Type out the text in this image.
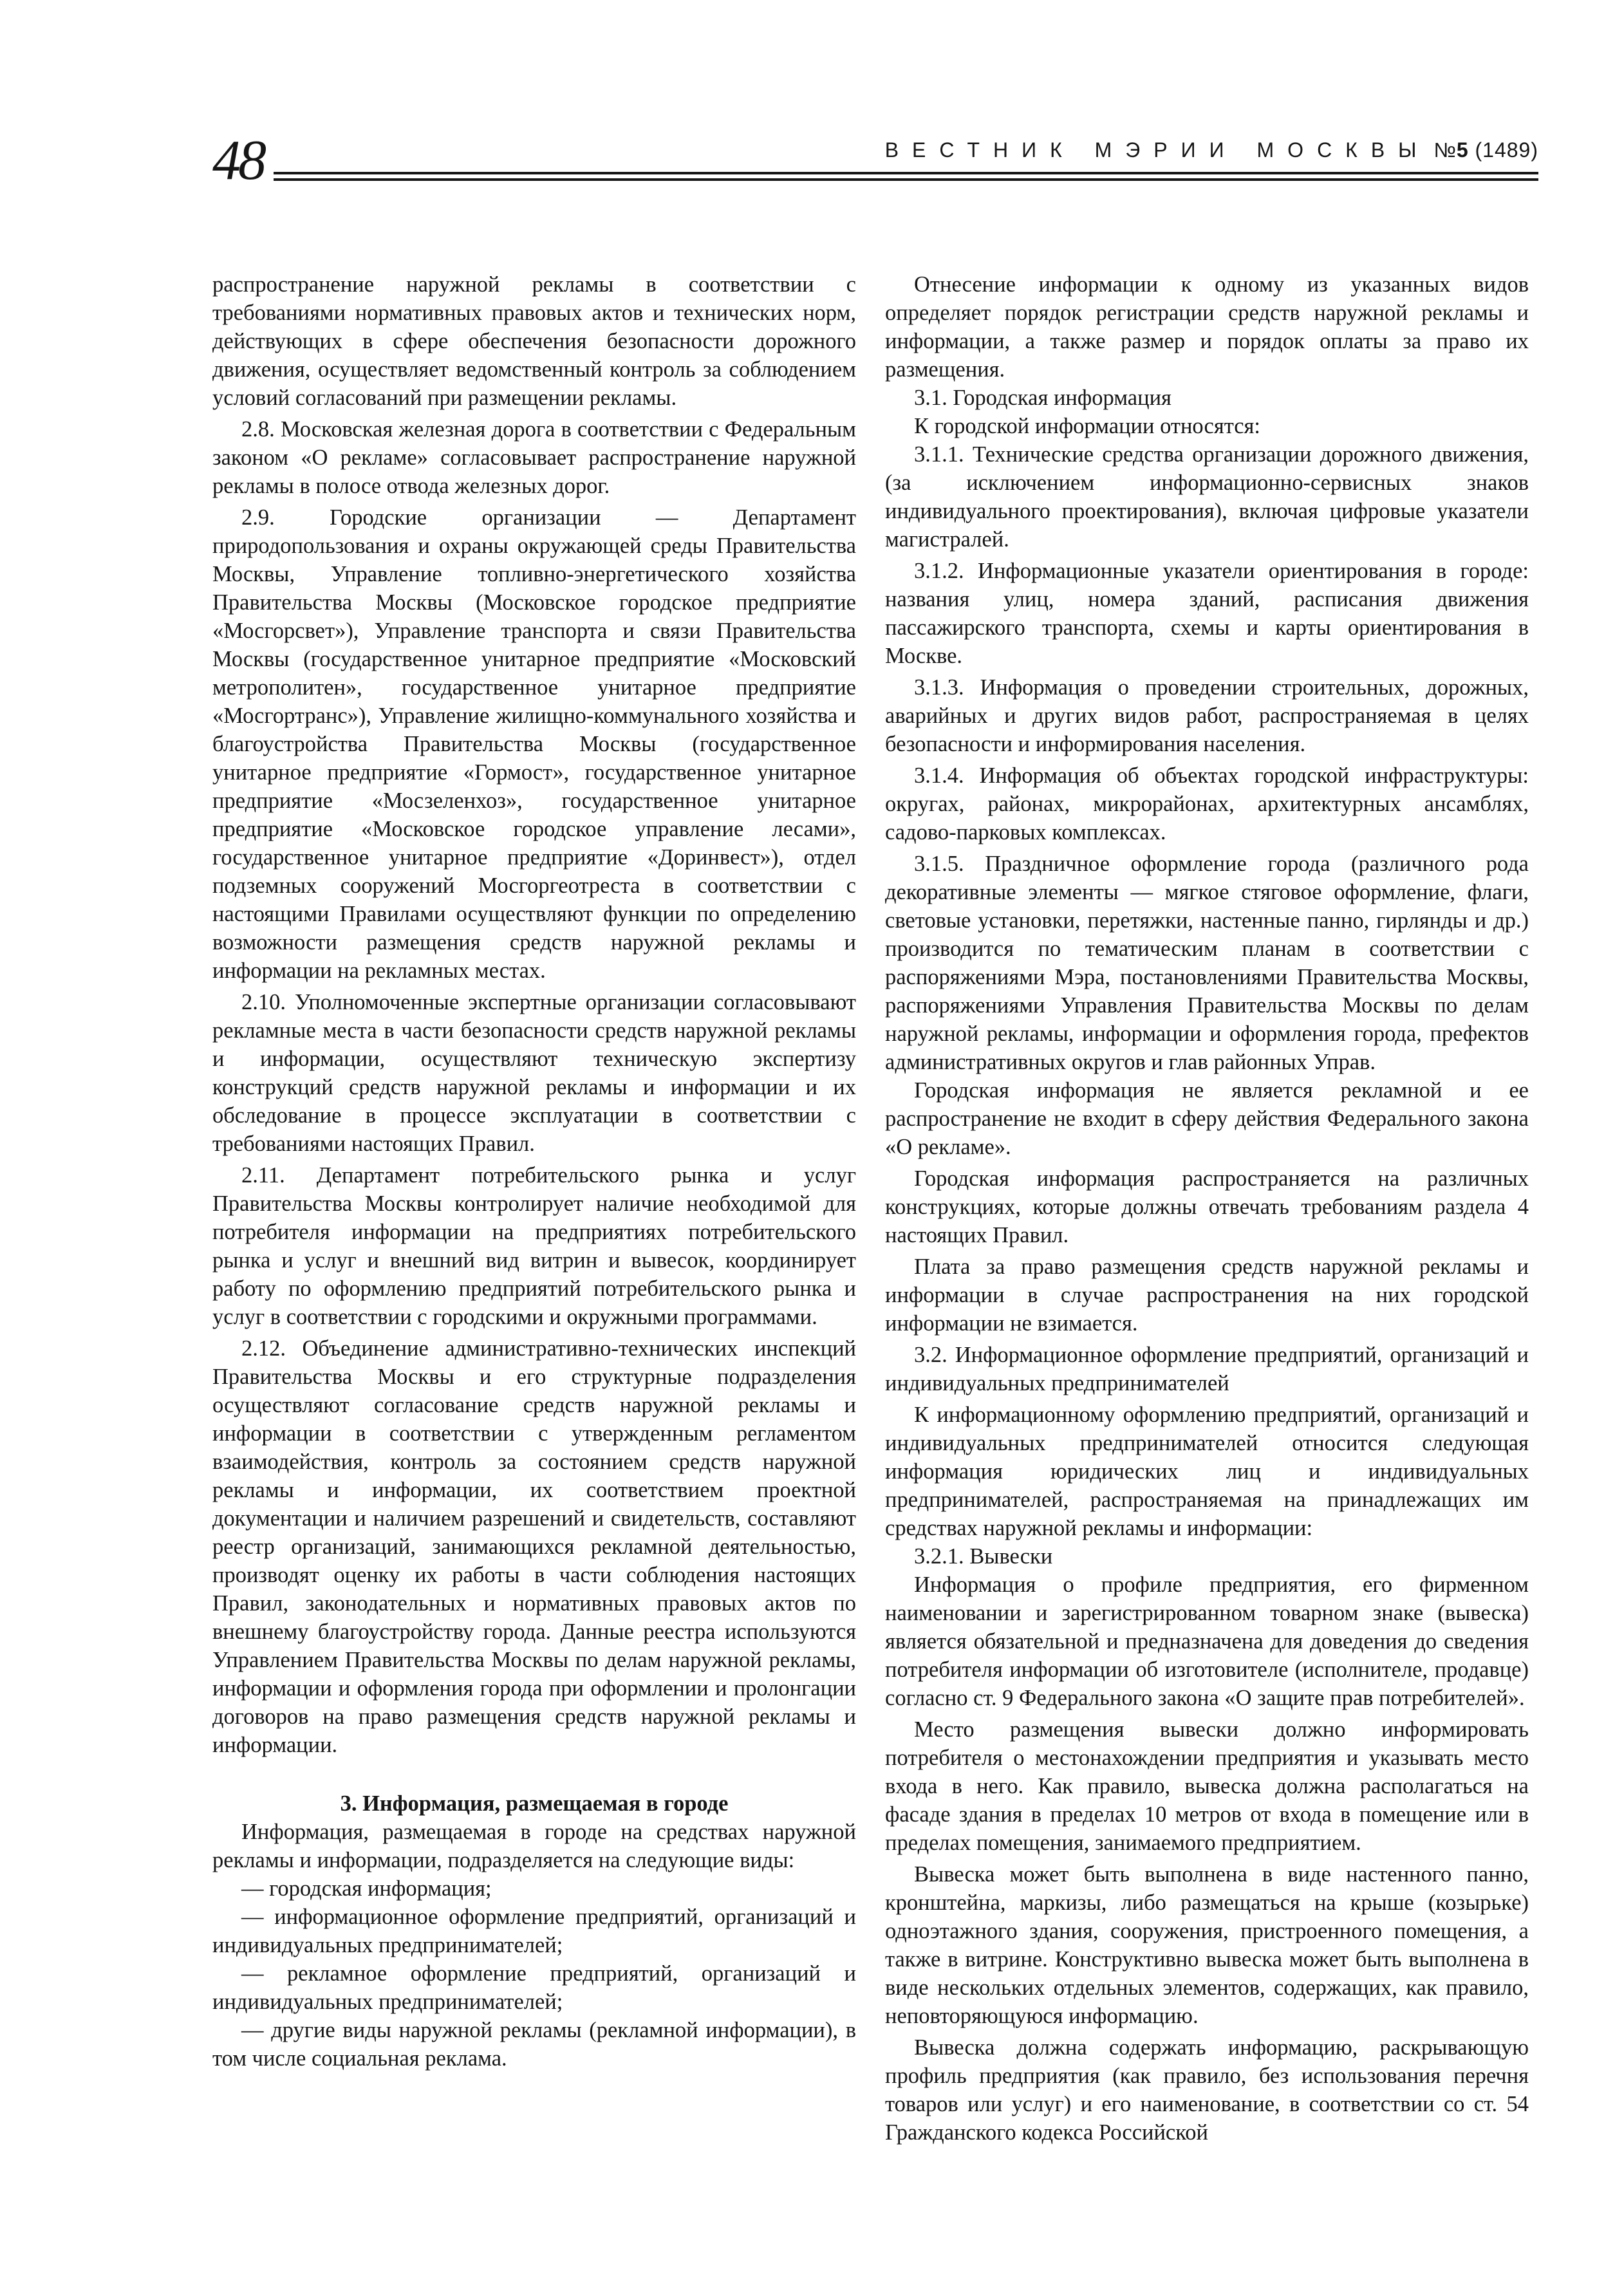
48	ВЕСТНИК МЭРИИ МОСКВЫ №5 (1489)

распространение наружной рекламы в соответствии с требованиями нормативных правовых актов и технических норм, действующих в сфере обеспечения безопасности дорожного движения, осуществляет ведомственный контроль за соблюдением условий согласований при размещении рекламы.

2.8. Московская железная дорога в соответствии с Федеральным законом «О рекламе» согласовывает распространение наружной рекламы в полосе отвода железных дорог.

2.9. Городские организации — Департамент природопользования и охраны окружающей среды Правительства Москвы, Управление топливно-энергетического хозяйства Правительства Москвы (Московское городское предприятие «Мосгорсвет»), Управление транспорта и связи Правительства Москвы (государственное унитарное предприятие «Московский метрополитен», государственное унитарное предприятие «Мосгортранс»), Управление жилищно-коммунального хозяйства и благоустройства Правительства Москвы (государственное унитарное предприятие «Гормост», государственное унитарное предприятие «Мосзеленхоз», государственное унитарное предприятие «Московское городское управление лесами», государственное унитарное предприятие «Доринвест»), отдел подземных сооружений Мосгоргеотреста в соответствии с настоящими Правилами осуществляют функции по определению возможности размещения средств наружной рекламы и информации на рекламных местах.

2.10. Уполномоченные экспертные организации согласовывают рекламные места в части безопасности средств наружной рекламы и информации, осуществляют техническую экспертизу конструкций средств наружной рекламы и информации и их обследование в процессе эксплуатации в соответствии с требованиями настоящих Правил.

2.11. Департамент потребительского рынка и услуг Правительства Москвы контролирует наличие необходимой для потребителя информации на предприятиях потребительского рынка и услуг и внешний вид витрин и вывесок, координирует работу по оформлению предприятий потребительского рынка и услуг в соответствии с городскими и окружными программами.

2.12. Объединение административно-технических инспекций Правительства Москвы и его структурные подразделения осуществляют согласование средств наружной рекламы и информации в соответствии с утвержденным регламентом взаимодействия, контроль за состоянием средств наружной рекламы и информации, их соответствием проектной документации и наличием разрешений и свидетельств, составляют реестр организаций, занимающихся рекламной деятельностью, производят оценку их работы в части соблюдения настоящих Правил, законодательных и нормативных правовых актов по внешнему благоустройству города. Данные реестра используются Управлением Правительства Москвы по делам наружной рекламы, информации и оформления города при оформлении и пролонгации договоров на право размещения средств наружной рекламы и информации.

3. Информация, размещаемая в городе

Информация, размещаемая в городе на средствах наружной рекламы и информации, подразделяется на следующие виды:

— городская информация;

— информационное оформление предприятий, организаций и индивидуальных предпринимателей;

— рекламное оформление предприятий, организаций и индивидуальных предпринимателей;

— другие виды наружной рекламы (рекламной информации), в том числе социальная реклама.

Отнесение информации к одному из указанных видов определяет порядок регистрации средств наружной рекламы и информации, а также размер и порядок оплаты за право их размещения.

3.1. Городская информация

К городской информации относятся:

3.1.1. Технические средства организации дорожного движения, (за исключением информационно-сервисных знаков индивидуального проектирования), включая цифровые указатели магистралей.

3.1.2. Информационные указатели ориентирования в городе: названия улиц, номера зданий, расписания движения пассажирского транспорта, схемы и карты ориентирования в Москве.

3.1.3. Информация о проведении строительных, дорожных, аварийных и других видов работ, распространяемая в целях безопасности и информирования населения.

3.1.4. Информация об объектах городской инфраструктуры: округах, районах, микрорайонах, архитектурных ансамблях, садово-парковых комплексах.

3.1.5. Праздничное оформление города (различного рода декоративные элементы — мягкое стяговое оформление, флаги, световые установки, перетяжки, настенные панно, гирлянды и др.) производится по тематическим планам в соответствии с распоряжениями Мэра, постановлениями Правительства Москвы, распоряжениями Управления Правительства Москвы по делам наружной рекламы, информации и оформления города, префектов административных округов и глав районных Управ.

Городская информация не является рекламной и ее распространение не входит в сферу действия Федерального закона «О рекламе».

Городская информация распространяется на различных конструкциях, которые должны отвечать требованиям раздела 4 настоящих Правил.

Плата за право размещения средств наружной рекламы и информации в случае распространения на них городской информации не взимается.

3.2. Информационное оформление предприятий, организаций и индивидуальных предпринимателей

К информационному оформлению предприятий, организаций и индивидуальных предпринимателей относится следующая информация юридических лиц и индивидуальных предпринимателей, распространяемая на принадлежащих им средствах наружной рекламы и информации:

3.2.1. Вывески

Информация о профиле предприятия, его фирменном наименовании и зарегистрированном товарном знаке (вывеска) является обязательной и предназначена для доведения до сведения потребителя информации об изготовителе (исполнителе, продавце) согласно ст. 9 Федерального закона «О защите прав потребителей».

Место размещения вывески должно информировать потребителя о местонахождении предприятия и указывать место входа в него. Как правило, вывеска должна располагаться на фасаде здания в пределах 10 метров от входа в помещение или в пределах помещения, занимаемого предприятием.

Вывеска может быть выполнена в виде настенного панно, кронштейна, маркизы, либо размещаться на крыше (козырьке) одноэтажного здания, сооружения, пристроенного помещения, а также в витрине. Конструктивно вывеска может быть выполнена в виде нескольких отдельных элементов, содержащих, как правило, неповторяющуюся информацию.

Вывеска должна содержать информацию, раскрывающую профиль предприятия (как правило, без использования перечня товаров или услуг) и его наименование, в соответствии со ст. 54 Гражданского кодекса Российской
